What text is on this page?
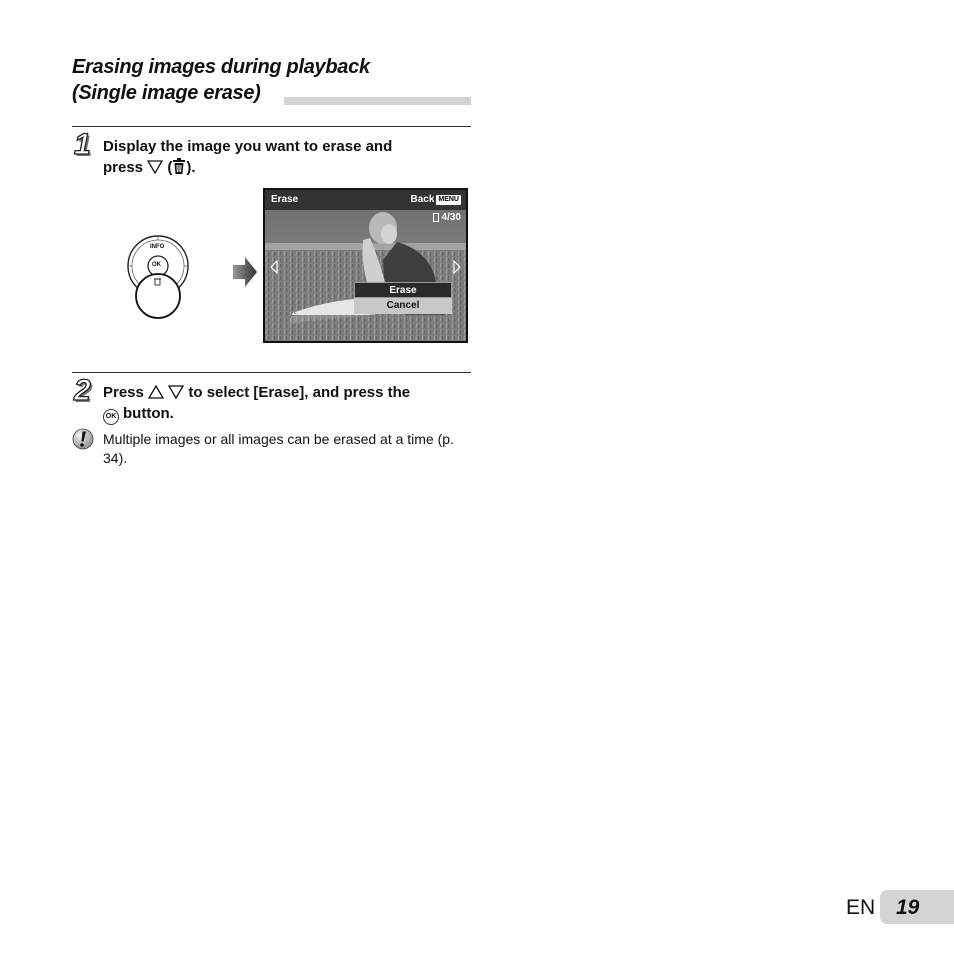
Erasing images during playback
(Single image erase)
1 Display the image you want to erase and
press ( ).
INFO
OK
Erase	Back MENU
4/30
Erase
Cancel
2 Press	to select [Erase], and press the
OK button.
Multiple images or all images can be erased at a time (p. 34).
EN 19
